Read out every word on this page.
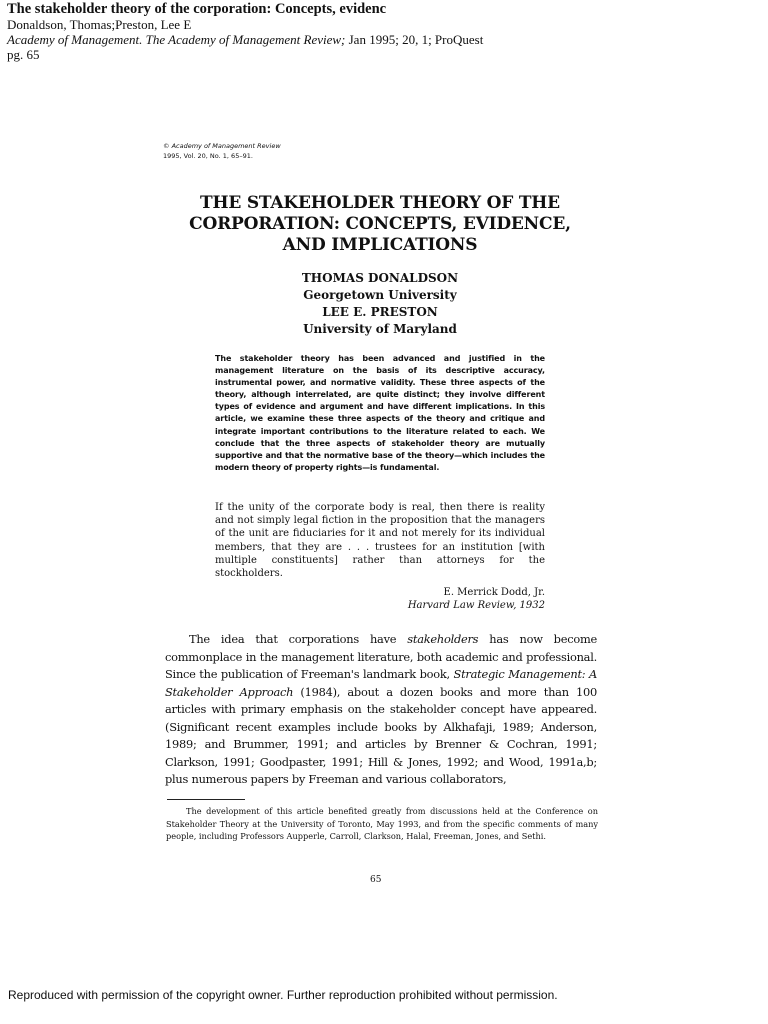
The stakeholder theory of the corporation: Concepts, evidenc
Donaldson, Thomas;Preston, Lee E
Academy of Management. The Academy of Management Review; Jan 1995; 20, 1; ProQuest
pg. 65
© Academy of Management Review
1995, Vol. 20, No. 1, 65–91.
THE STAKEHOLDER THEORY OF THE
CORPORATION: CONCEPTS, EVIDENCE,
AND IMPLICATIONS
THOMAS DONALDSON
Georgetown University
LEE E. PRESTON
University of Maryland
The stakeholder theory has been advanced and justified in the management literature on the basis of its descriptive accuracy, instrumental power, and normative validity. These three aspects of the theory, although interrelated, are quite distinct; they involve different types of evidence and argument and have different implications. In this article, we examine these three aspects of the theory and critique and integrate important contributions to the literature related to each. We conclude that the three aspects of stakeholder theory are mutually supportive and that the normative base of the theory—which includes the modern theory of property rights—is fundamental.
If the unity of the corporate body is real, then there is reality and not simply legal fiction in the proposition that the managers of the unit are fiduciaries for it and not merely for its individual members, that they are . . . trustees for an institution [with multiple constituents] rather than attorneys for the stockholders.
E. Merrick Dodd, Jr.
Harvard Law Review, 1932
The idea that corporations have stakeholders has now become commonplace in the management literature, both academic and professional. Since the publication of Freeman's landmark book, Strategic Management: A Stakeholder Approach (1984), about a dozen books and more than 100 articles with primary emphasis on the stakeholder concept have appeared. (Significant recent examples include books by Alkhafaji, 1989; Anderson, 1989; and Brummer, 1991; and articles by Brenner & Cochran, 1991; Clarkson, 1991; Goodpaster, 1991; Hill & Jones, 1992; and Wood, 1991a,b; plus numerous papers by Freeman and various collaborators,
The development of this article benefited greatly from discussions held at the Conference on Stakeholder Theory at the University of Toronto, May 1993, and from the specific comments of many people, including Professors Aupperle, Carroll, Clarkson, Halal, Freeman, Jones, and Sethi.
65
Reproduced with permission of the copyright owner. Further reproduction prohibited without permission.
